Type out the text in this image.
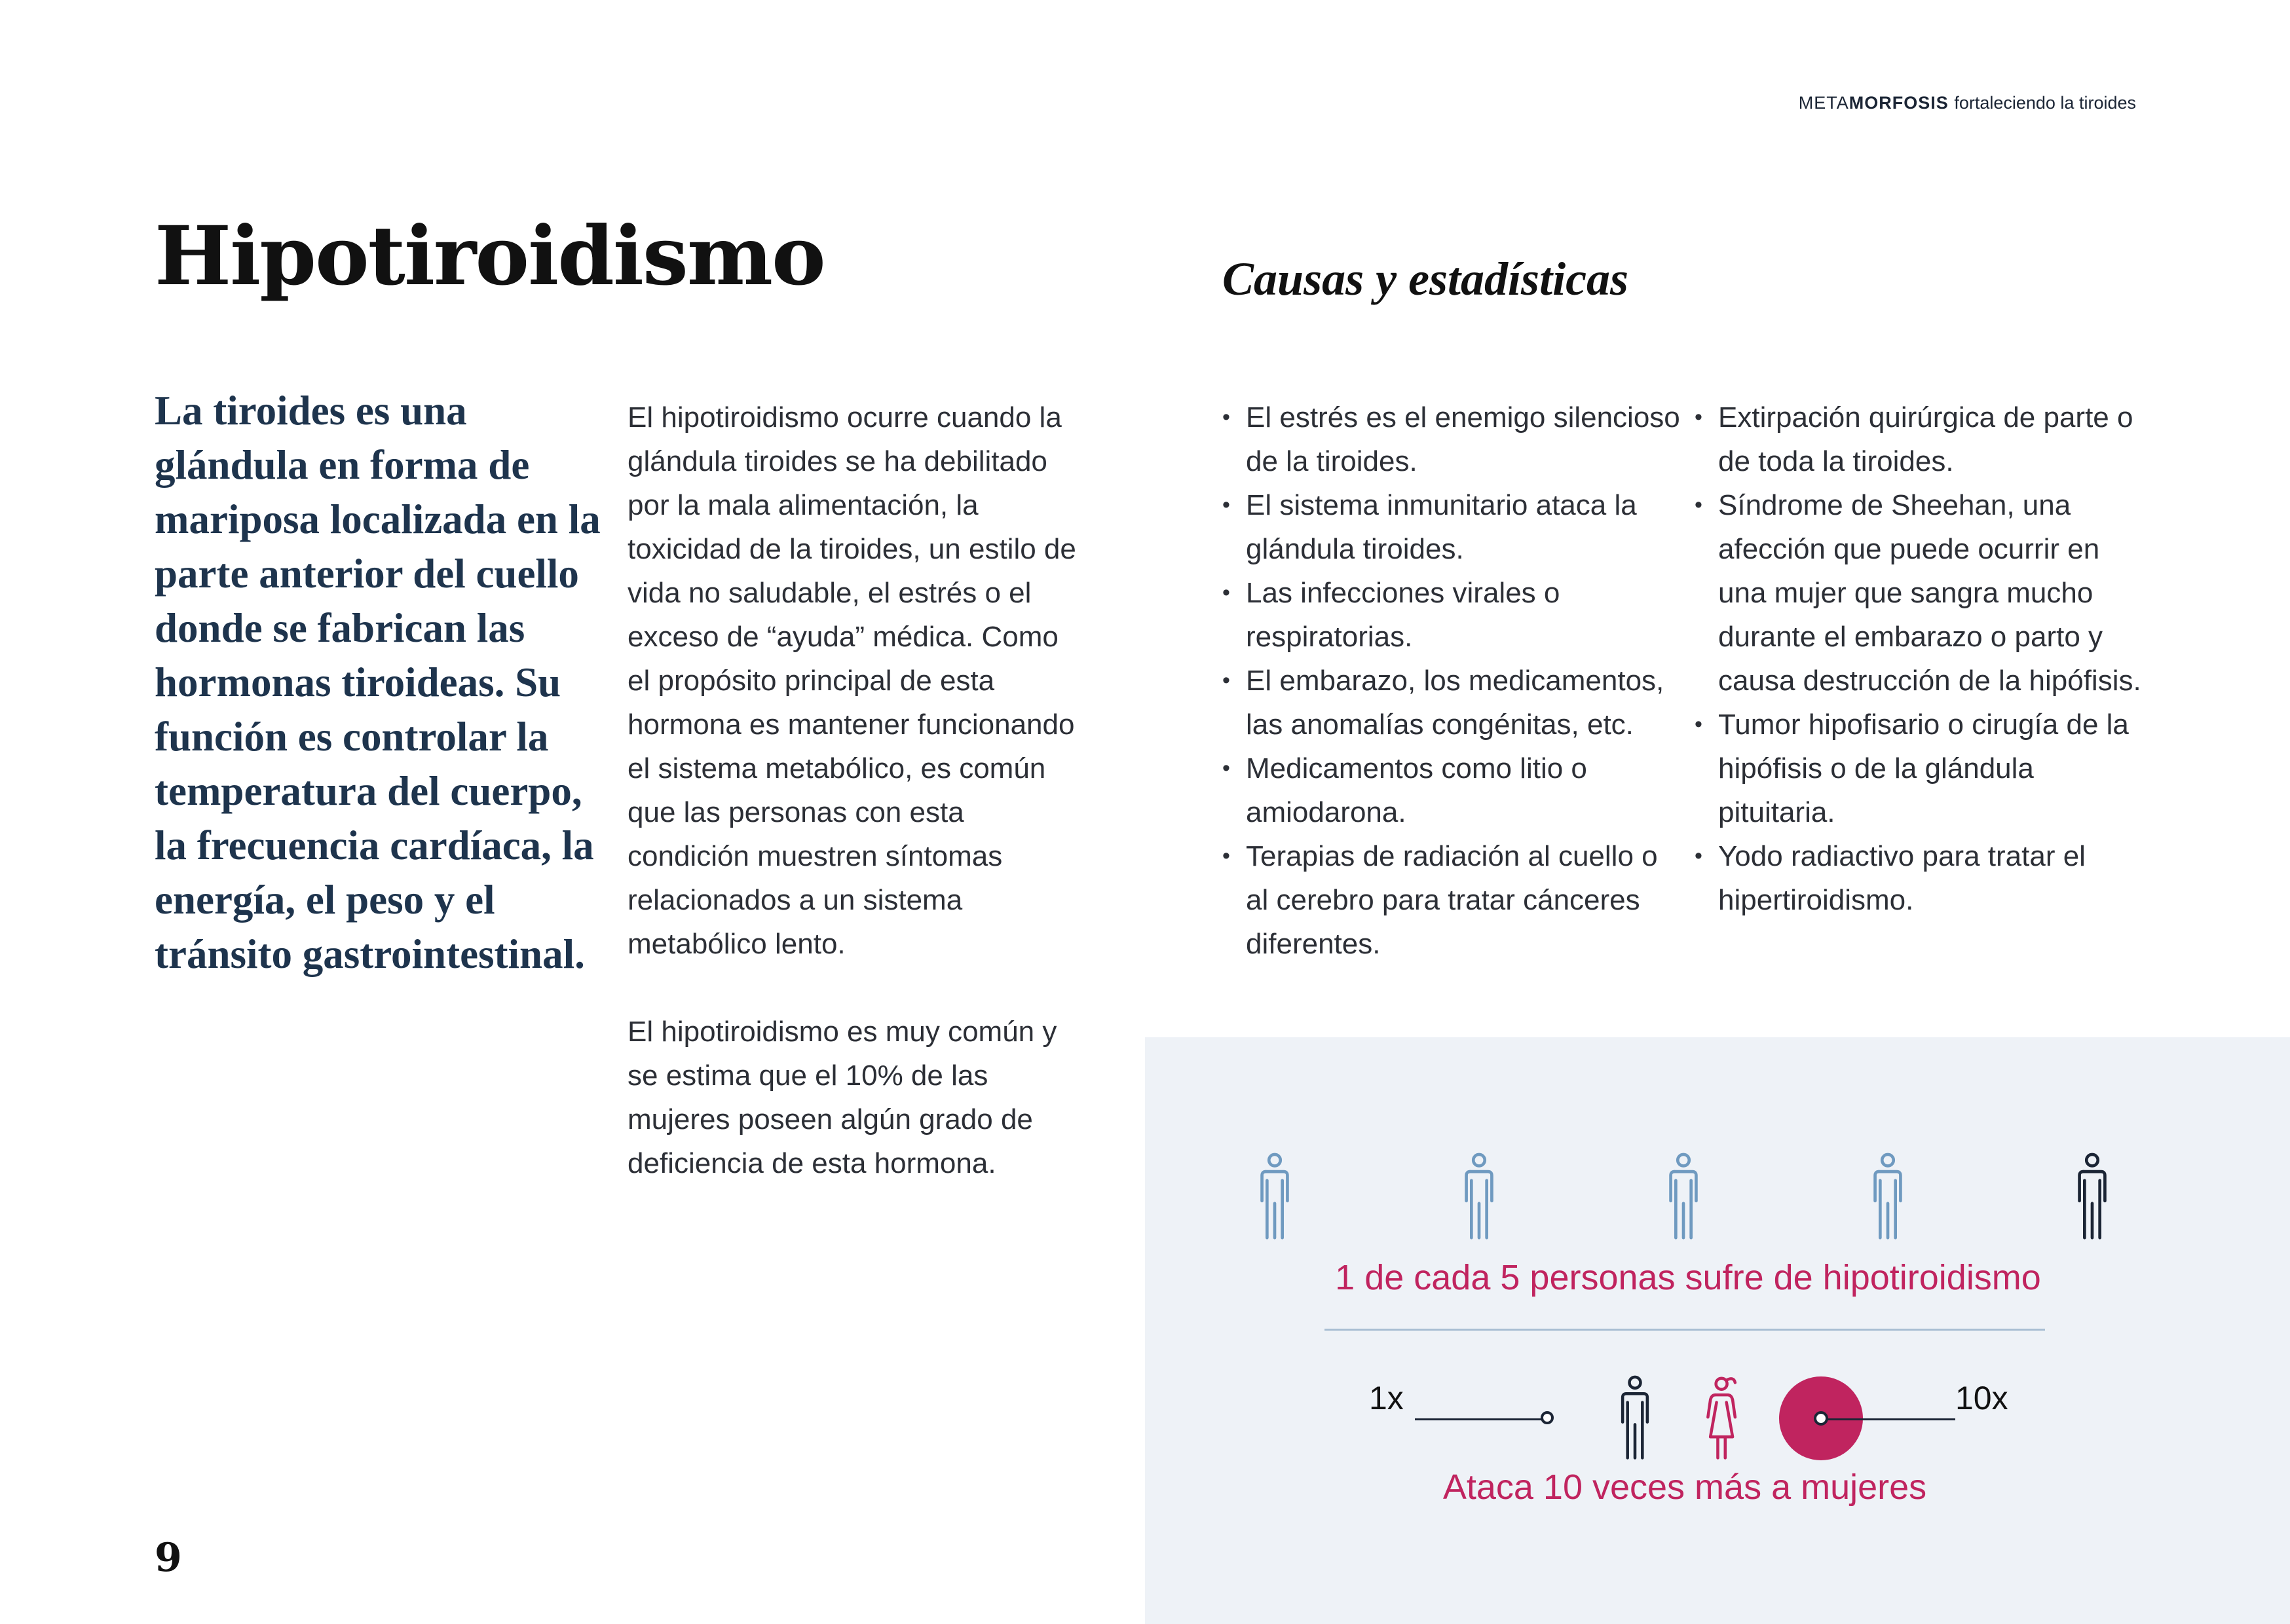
METAMORFOSIS fortaleciendo la tiroides
Hipotiroidismo	Causas y estadísticas

La tiroides es una glándula en forma de mariposa localizada en la parte anterior del cuello donde se fabrican las hormonas tiroideas. Su función es controlar la temperatura del cuerpo, la frecuencia cardíaca, la energía, el peso y el tránsito gastrointestinal.

El hipotiroidismo ocurre cuando la glándula tiroides se ha debilitado por la mala alimentación, la toxicidad de la tiroides, un estilo de vida no saludable, el estrés o el exceso de “ayuda” médica. Como el propósito principal de esta hormona es mantener funcionando el sistema metabólico, es común que las personas con esta condición muestren síntomas relacionados a un sistema metabólico lento.

El hipotiroidismo es muy común y se estima que el 10% de las mujeres poseen algún grado de deficiencia de esta hormona.

• El estrés es el enemigo silencioso de la tiroides.
• El sistema inmunitario ataca la glándula tiroides.
• Las infecciones virales o respiratorias.
• El embarazo, los medicamentos, las anomalías congénitas, etc.
• Medicamentos como litio o amiodarona.
• Terapias de radiación al cuello o al cerebro para tratar cánceres diferentes.
• Extirpación quirúrgica de parte o de toda la tiroides.
• Síndrome de Sheehan, una afección que puede ocurrir en una mujer que sangra mucho durante el embarazo o parto y causa destrucción de la hipófisis.
• Tumor hipofisario o cirugía de la hipófisis o de la glándula pituitaria.
• Yodo radiactivo para tratar el hipertiroidismo.
1 de cada 5 personas sufre de hipotiroidismo
1x	10x
Ataca 10 veces más a mujeres
9
